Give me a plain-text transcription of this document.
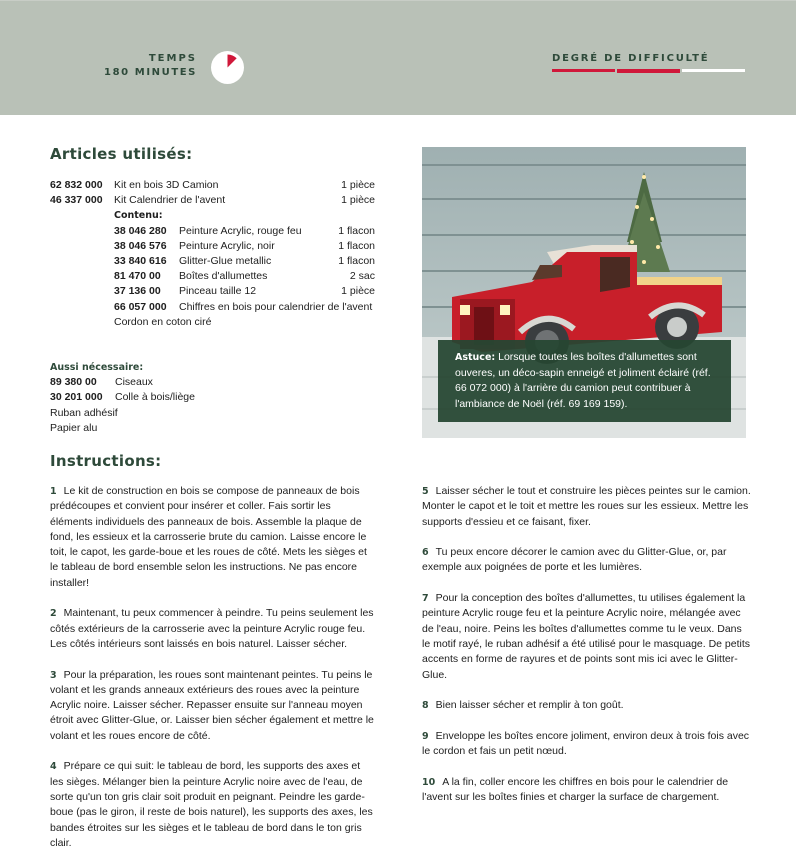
TEMPS
180 MINUTES
DEGRÉ DE DIFFICULTÉ
Articles utilisés:
62 832 000	Kit en bois 3D Camion	1 pièce
46 337 000	Kit Calendrier de l'avent	1 pièce
Contenu:
38 046 280	Peinture Acrylic, rouge feu	1 flacon
38 046 576	Peinture Acrylic, noir	1 flacon
33 840 616	Glitter-Glue metallic	1 flacon
81 470 00	Boîtes d'allumettes	2 sac
37 136 00	Pinceau taille 12	1 pièce
66 057 000	Chiffres en bois pour calendrier de l'avent
Cordon en coton ciré
Aussi nécessaire:
89 380 00	Ciseaux
30 201 000	Colle à bois/liège
Ruban adhésif
Papier alu
Astuce: Lorsque toutes les boîtes d'allumettes sont ouveres, un déco-sapin enneigé et joliment éclairé (réf. 66 072 000) à l'arrière du camion peut contribuer à l'ambiance de Noël (réf. 69 169 159).
Instructions:

1 Le kit de construction en bois se compose de panneaux de bois prédécoupes et convient pour insérer et coller. Fais sortir les éléments individuels des panneaux de bois. Assemble la plaque de fond, les essieux et la carrosserie brute du camion. Laisse encore le toit, le capot, les garde-boue et les roues de côté. Mets les sièges et le tableau de bord ensemble selon les instructions. Ne pas encore installer!

2 Maintenant, tu peux commencer à peindre. Tu peins seulement les côtés extérieurs de la carrosserie avec la peinture Acrylic rouge feu. Les côtés intérieurs sont laissés en bois naturel. Laisser sécher.

3 Pour la préparation, les roues sont maintenant peintes. Tu peins le volant et les grands anneaux extérieurs des roues avec la peinture Acrylic noire. Laisser sécher. Repasser ensuite sur l'anneau moyen étroit avec Glitter-Glue, or. Laisser bien sécher également et mettre le volant et les roues encore de côté.

4 Prépare ce qui suit: le tableau de bord, les supports des axes et les sièges. Mélanger bien la peinture Acrylic noire avec de l'eau, de sorte qu'un ton gris clair soit produit en peignant. Peindre les garde-boue (pas le giron, il reste de bois naturel), les supports des axes, les bandes étroites sur les sièges et le tableau de bord dans le ton gris clair.

5 Laisser sécher le tout et construire les pièces peintes sur le camion. Monter le capot et le toit et mettre les roues sur les essieux. Mettre les supports d'essieu et ce faisant, fixer.

6 Tu peux encore décorer le camion avec du Glitter-Glue, or, par exemple aux poignées de porte et les lumières.

7 Pour la conception des boîtes d'allumettes, tu utilises également la peinture Acrylic rouge feu et la peinture Acrylic noire, mélangée avec de l'eau, noire. Peins les boîtes d'allumettes comme tu le veux. Dans le motif rayé, le ruban adhésif a été utilisé pour le masquage. De petits accents en forme de rayures et de points sont mis ici avec le Glitter-Glue.

8 Bien laisser sécher et remplir à ton goût.

9 Enveloppe les boîtes encore joliment, environ deux à trois fois avec le cordon et fais un petit nœud.

10 A la fin, coller encore les chiffres en bois pour le calendrier de l'avent sur les boîtes finies et charger la surface de chargement.
